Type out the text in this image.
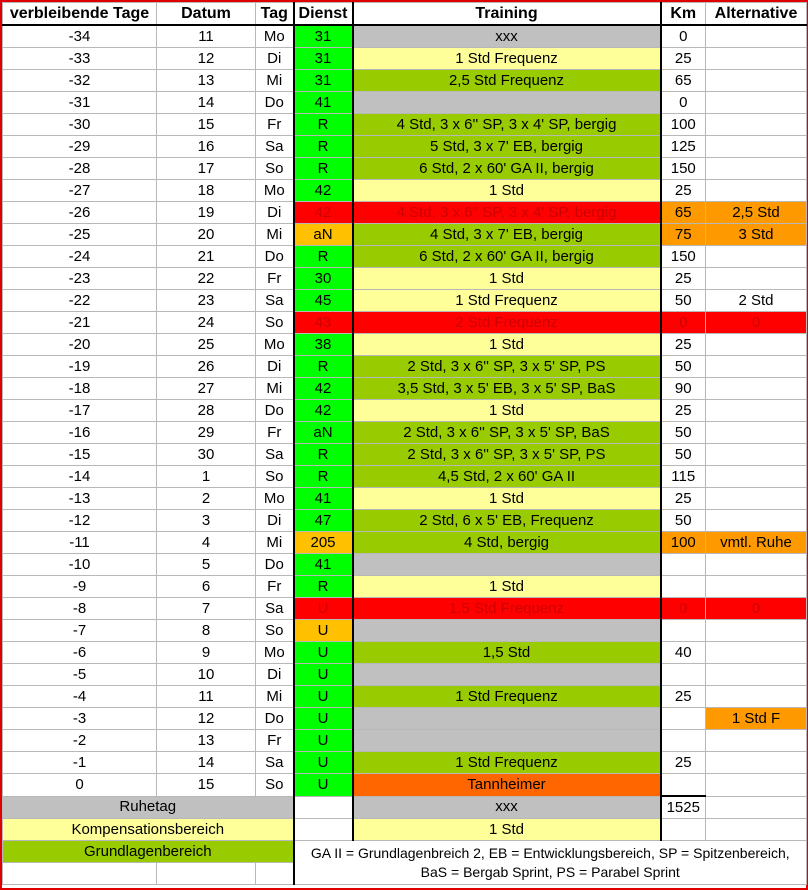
verbleibende Tage	Datum	Tag	Dienst	Training	Km	Alternative
-34	11	Mo	31	xxx	0	
-33	12	Di	31	1 Std Frequenz	25	
-32	13	Mi	31	2,5 Std Frequenz	65	
-31	14	Do	41		0	
-30	15	Fr	R	4 Std, 3 x 6'' SP, 3 x 4' SP, bergig	100	
-29	16	Sa	R	5 Std, 3 x 7' EB, bergig	125	
-28	17	So	R	6 Std, 2 x 60' GA II, bergig	150	
-27	18	Mo	42	1 Std	25	
-26	19	Di	42	4 Std, 3 x 6'' SP, 3 x 4' SP, bergig	65	2,5 Std
-25	20	Mi	aN	4 Std, 3 x 7' EB, bergig	75	3 Std
-24	21	Do	R	6 Std, 2 x 60' GA II, bergig	150	
-23	22	Fr	30	1 Std	25	
-22	23	Sa	45	1 Std Frequenz	50	2 Std
-21	24	So	43	2 Std Frequenz	0	0
-20	25	Mo	38	1 Std	25	
-19	26	Di	R	2 Std, 3 x 6'' SP, 3 x 5' SP, PS	50	
-18	27	Mi	42	3,5 Std, 3 x 5' EB, 3 x 5' SP, BaS	90	
-17	28	Do	42	1 Std	25	
-16	29	Fr	aN	2 Std, 3 x 6'' SP, 3 x 5' SP, BaS	50	
-15	30	Sa	R	2 Std, 3 x 6'' SP, 3 x 5' SP, PS	50	
-14	1	So	R	4,5 Std, 2 x 60' GA II	115	
-13	2	Mo	41	1 Std	25	
-12	3	Di	47	2 Std, 6 x 5' EB, Frequenz	50	
-11	4	Mi	205	4 Std, bergig	100	vmtl. Ruhe
-10	5	Do	41			
-9	6	Fr	R	1 Std		
-8	7	Sa	U	1,5 Std Frequenz	0	0
-7	8	So	U			
-6	9	Mo	U	1,5 Std	40	
-5	10	Di	U			
-4	11	Mi	U	1 Std Frequenz	25	
-3	12	Do	U			1 Std F
-2	13	Fr	U			
-1	14	Sa	U	1 Std Frequenz	25	
0	15	So	U	Tannheimer		
Ruhetag				xxx	1525	
Kompensationsbereich				1 Std		
Grundlagenbereich			GA II = Grundlagenbreich 2, EB = Entwicklungsbereich, SP = Spitzenbereich, BaS = Bergab Sprint, PS = Parabel Sprint			
